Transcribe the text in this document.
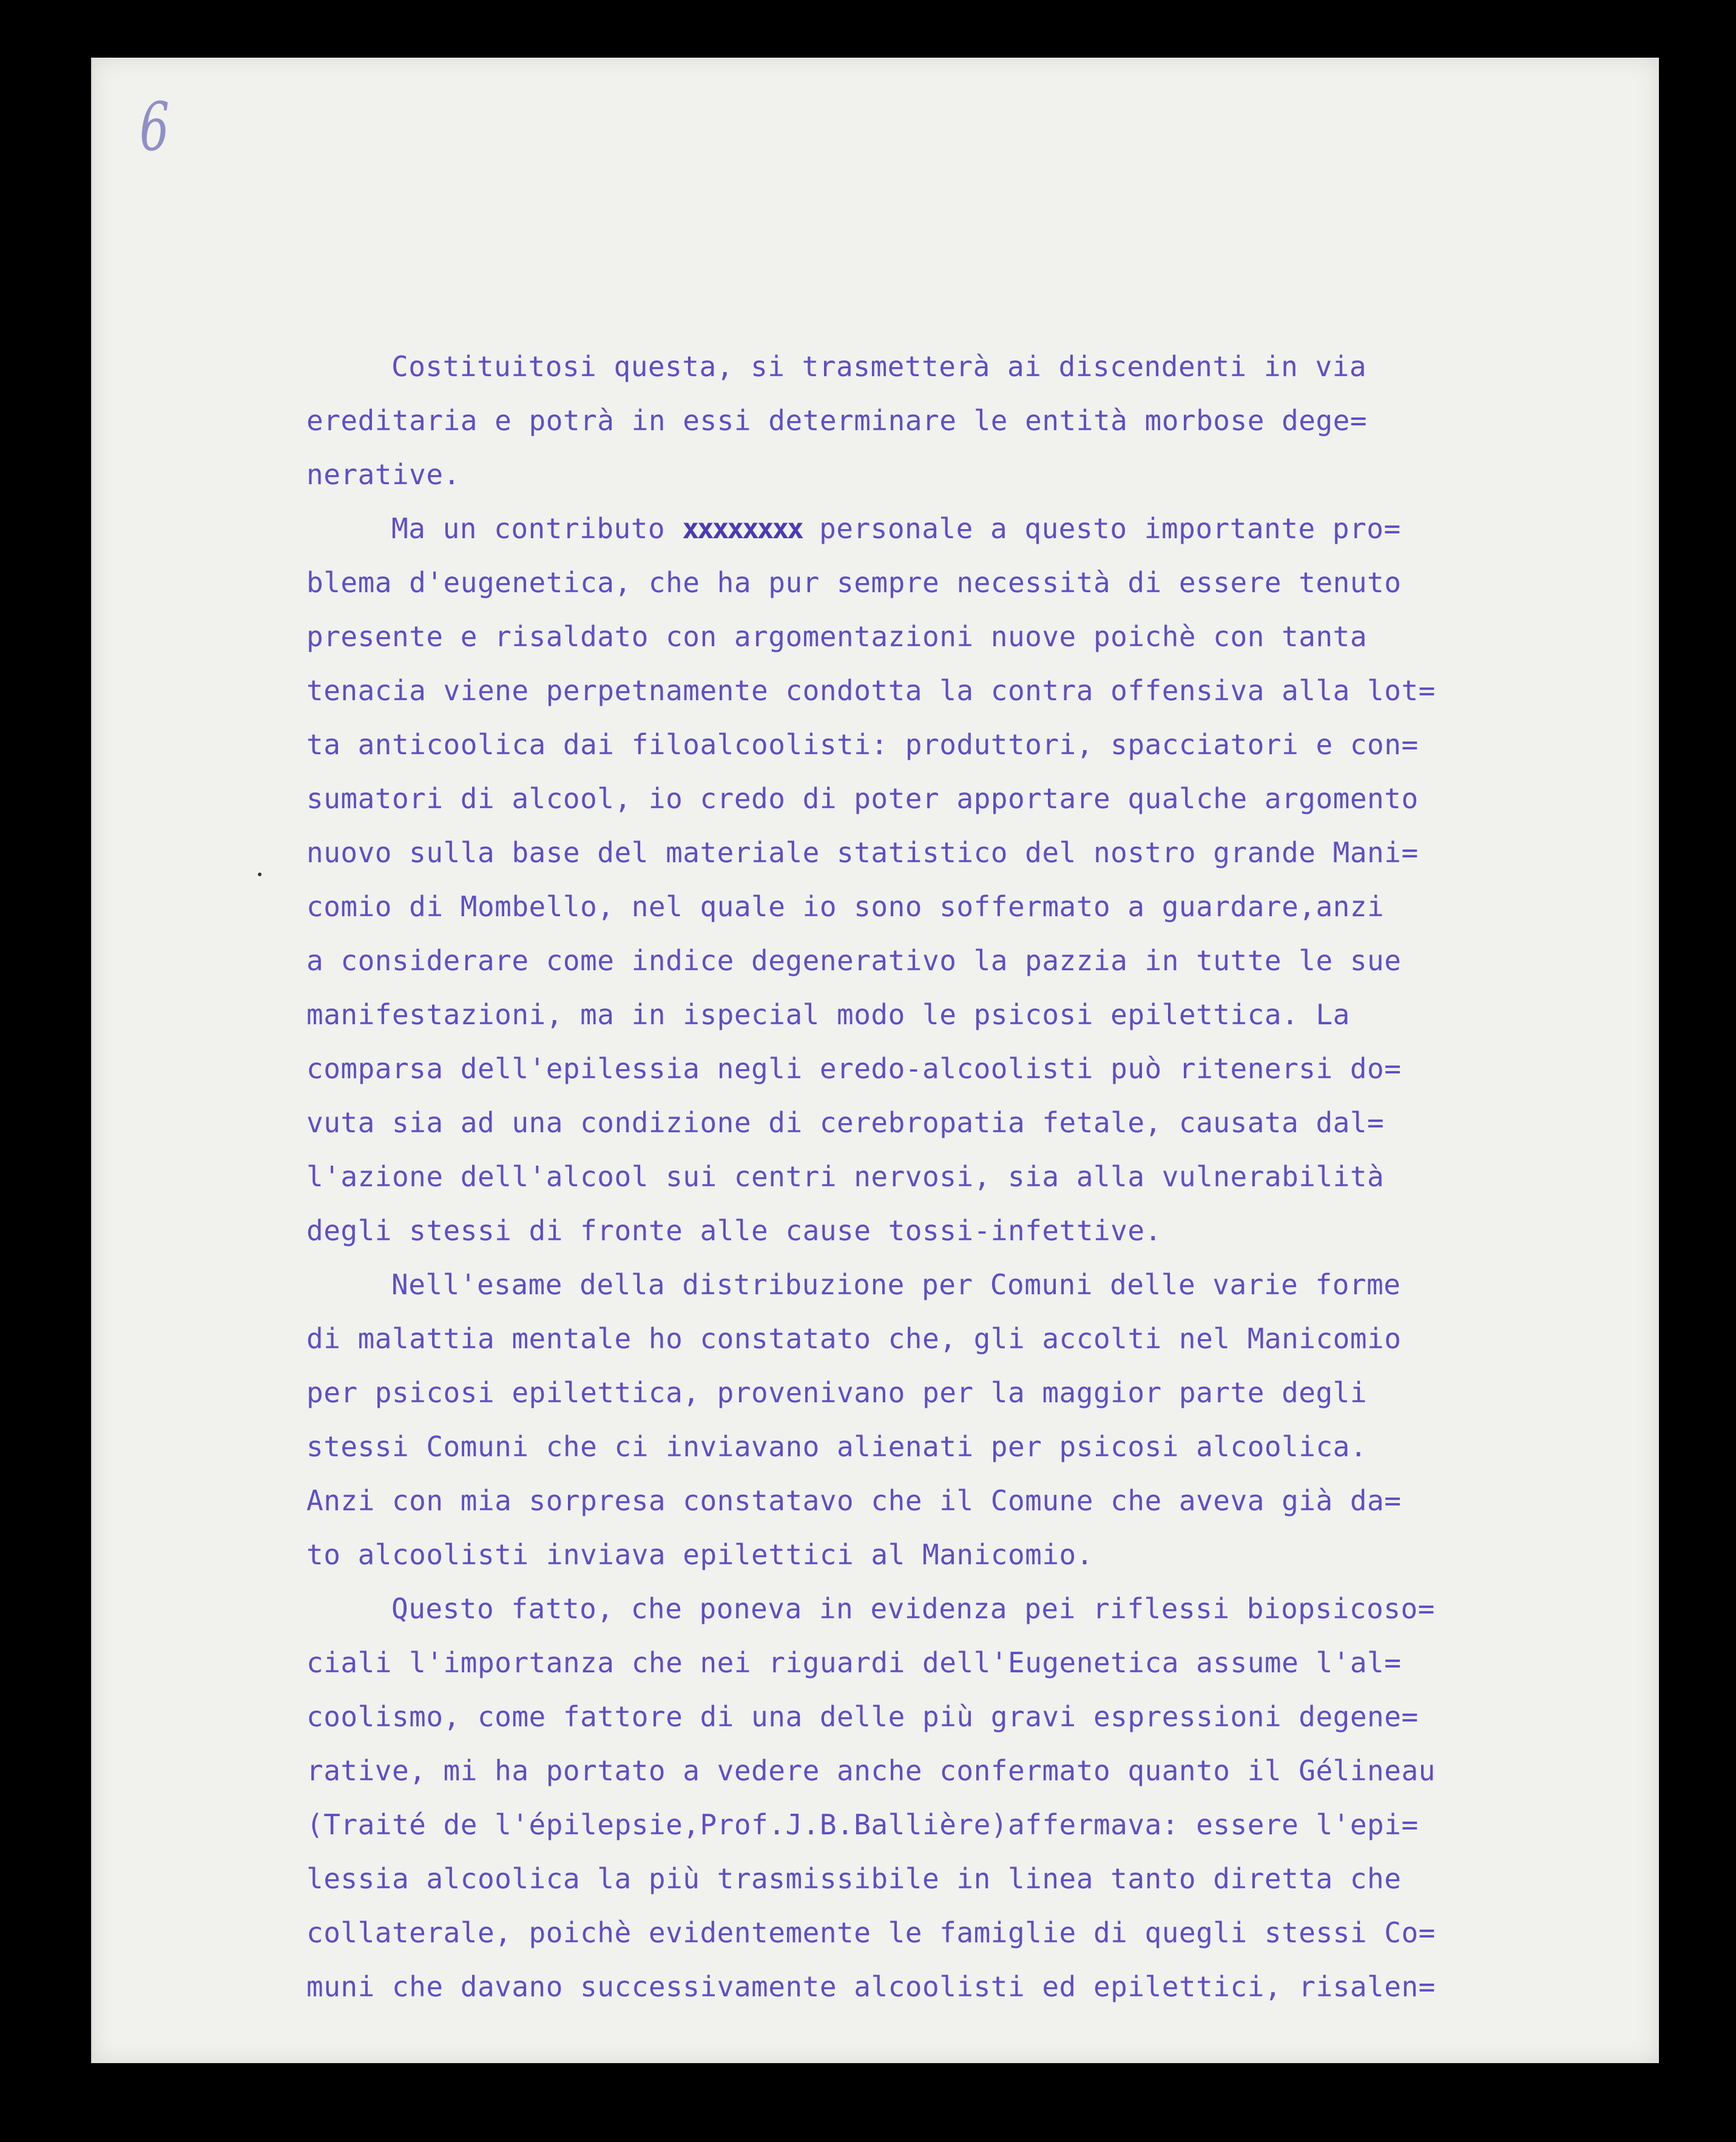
6
Costituitosi questa, si trasmetterà ai discendenti in via
ereditaria e potrà in essi determinare le entità morbose dege=
nerative.
Ma un contributo xxxxxxxx personale a questo importante pro=
blema d'eugenetica, che ha pur sempre necessità di essere tenuto
presente e risaldato con argomentazioni nuove poichè con tanta
tenacia viene perpetnamente condotta la contra offensiva alla lot=
ta anticoolica dai filoalcoolisti: produttori, spacciatori e con=
sumatori di alcool, io credo di poter apportare qualche argomento
nuovo sulla base del materiale statistico del nostro grande Mani=
comio di Mombello, nel quale io sono soffermato a guardare,anzi
a considerare come indice degenerativo la pazzia in tutte le sue
manifestazioni, ma in ispecial modo le psicosi epilettica. La
comparsa dell'epilessia negli eredo-alcoolisti può ritenersi do=
vuta sia ad una condizione di cerebropatia fetale, causata dal=
l'azione dell'alcool sui centri nervosi, sia alla vulnerabilità
degli stessi di fronte alle cause tossi-infettive.
Nell'esame della distribuzione per Comuni delle varie forme
di malattia mentale ho constatato che, gli accolti nel Manicomio
per psicosi epilettica, provenivano per la maggior parte degli
stessi Comuni che ci inviavano alienati per psicosi alcoolica.
Anzi con mia sorpresa constatavo che il Comune che aveva già da=
to alcoolisti inviava epilettici al Manicomio.
Questo fatto, che poneva in evidenza pei riflessi biopsicoso=
ciali l'importanza che nei riguardi dell'Eugenetica assume l'al=
coolismo, come fattore di una delle più gravi espressioni degene=
rative, mi ha portato a vedere anche confermato quanto il Gélineau
(Traité de l'épilepsie,Prof.J.B.Ballière)affermava: essere l'epi=
lessia alcoolica la più trasmissibile in linea tanto diretta che
collaterale, poichè evidentemente le famiglie di quegli stessi Co=
muni che davano successivamente alcoolisti ed epilettici, risalen=
